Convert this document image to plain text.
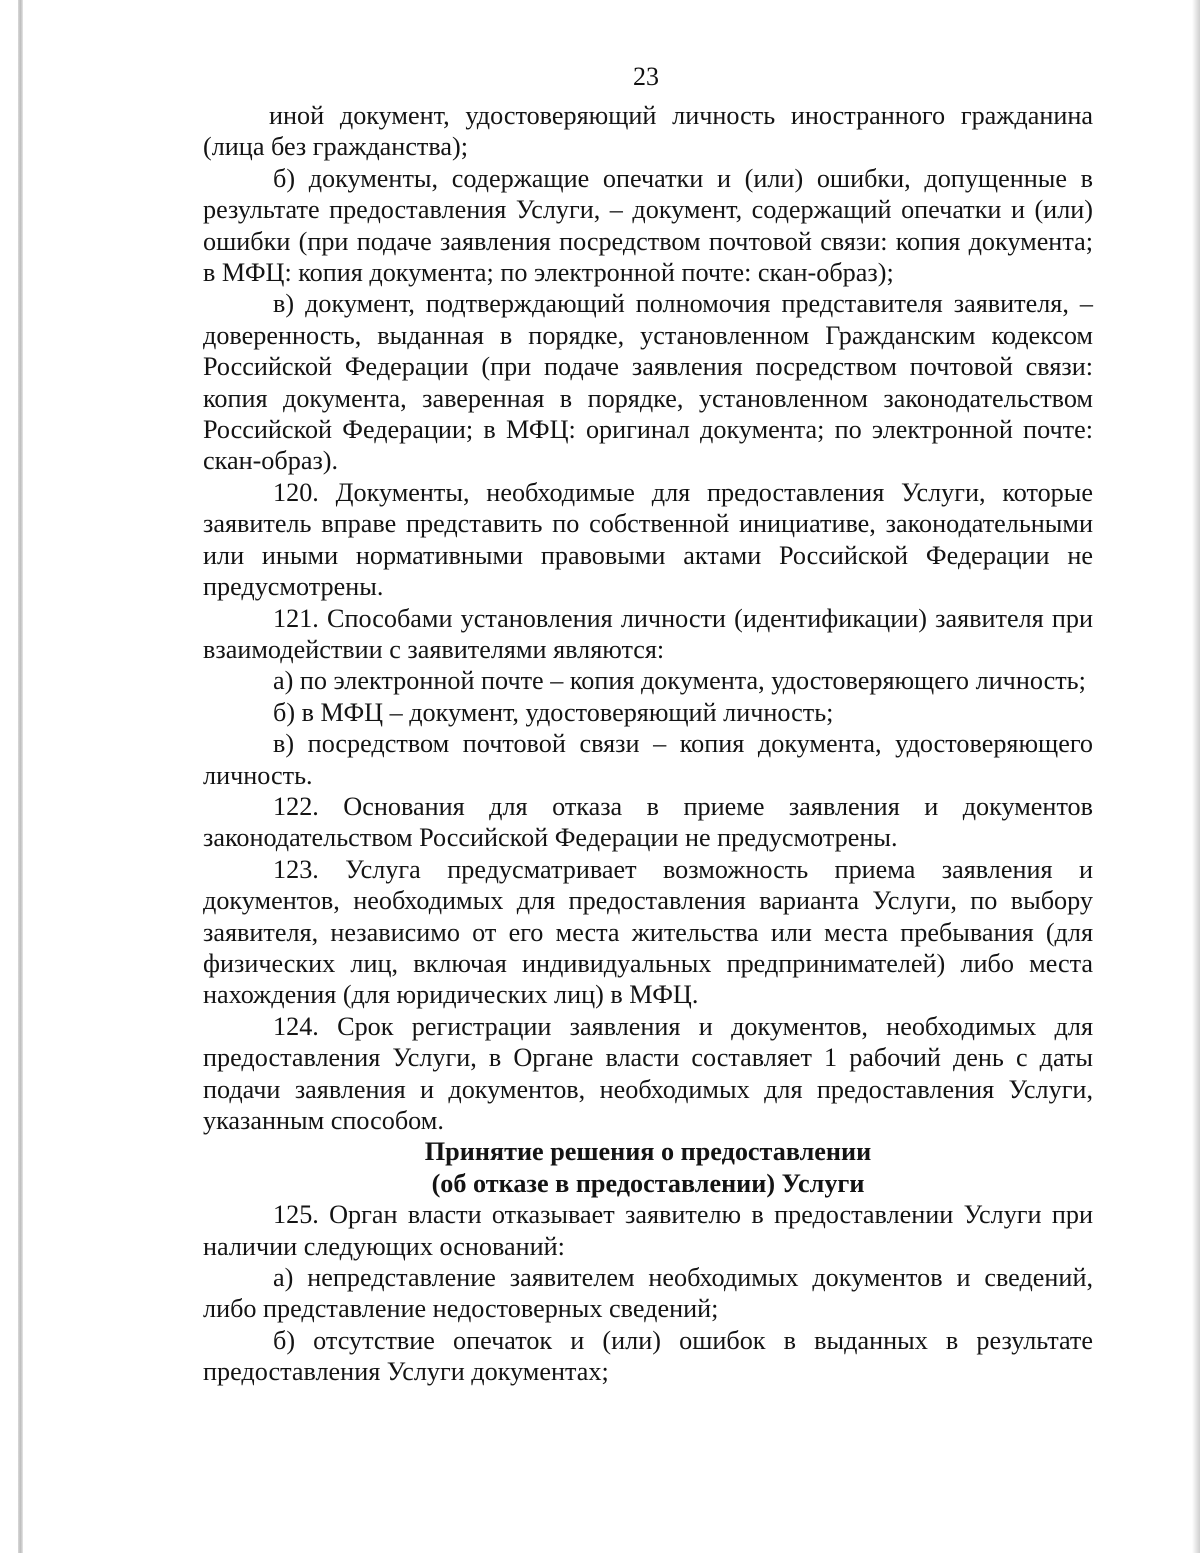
23

иной документ, удостоверяющий личность иностранного гражданина (лица без гражданства);

б) документы, содержащие опечатки и (или) ошибки, допущенные в результате предоставления Услуги, – документ, содержащий опечатки и (или) ошибки (при подаче заявления посредством почтовой связи: копия документа; в МФЦ: копия документа; по электронной почте: скан-образ);

в) документ, подтверждающий полномочия представителя заявителя, – доверенность, выданная в порядке, установленном Гражданским кодексом Российской Федерации (при подаче заявления посредством почтовой связи: копия документа, заверенная в порядке, установленном законодательством Российской Федерации; в МФЦ: оригинал документа; по электронной почте: скан-образ).

120. Документы, необходимые для предоставления Услуги, которые заявитель вправе представить по собственной инициативе, законодательными или иными нормативными правовыми актами Российской Федерации не предусмотрены.

121. Способами установления личности (идентификации) заявителя при взаимодействии с заявителями являются:

а) по электронной почте – копия документа, удостоверяющего личность;

б) в МФЦ – документ, удостоверяющий личность;

в) посредством почтовой связи – копия документа, удостоверяющего личность.

122. Основания для отказа в приеме заявления и документов законодательством Российской Федерации не предусмотрены.

123. Услуга предусматривает возможность приема заявления и документов, необходимых для предоставления варианта Услуги, по выбору заявителя, независимо от его места жительства или места пребывания (для физических лиц, включая индивидуальных предпринимателей) либо места нахождения (для юридических лиц) в МФЦ.

124. Срок регистрации заявления и документов, необходимых для предоставления Услуги, в Органе власти составляет 1 рабочий день с даты подачи заявления и документов, необходимых для предоставления Услуги, указанным способом.

Принятие решения о предоставлении
(об отказе в предоставлении) Услуги

125. Орган власти отказывает заявителю в предоставлении Услуги при наличии следующих оснований:

а) непредставление заявителем необходимых документов и сведений, либо представление недостоверных сведений;

б) отсутствие опечаток и (или) ошибок в выданных в результате предоставления Услуги документах;
